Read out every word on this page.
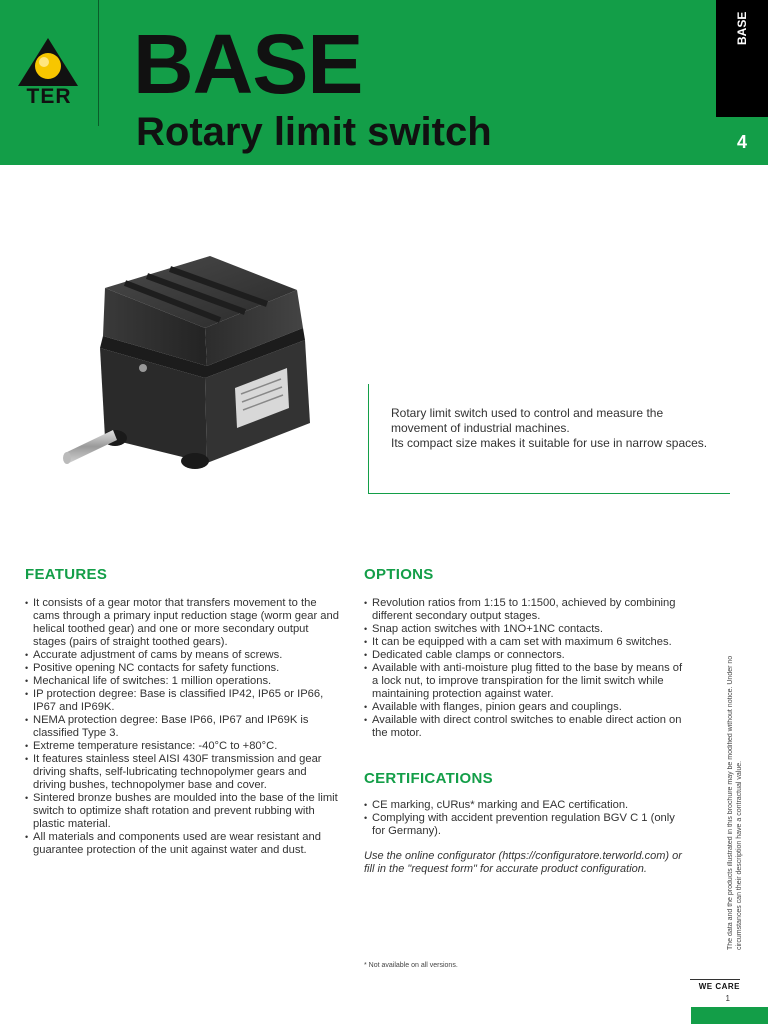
TER BASE
Rotary limit switch
BASE
4
Rotary limit switch used to control and measure the movement of industrial machines.
Its compact size makes it suitable for use in narrow spaces.
FEATURES
• It consists of a gear motor that transfers movement to the cams through a primary input reduction stage (worm gear and helical toothed gear) and one or more secondary output stages (pairs of straight toothed gears).
• Accurate adjustment of cams by means of screws.
• Positive opening NC contacts for safety functions.
• Mechanical life of switches: 1 million operations.
• IP protection degree: Base is classified IP42, IP65 or IP66, IP67 and IP69K.
• NEMA protection degree: Base IP66, IP67 and IP69K is classified Type 3.
• Extreme temperature resistance: -40°C to +80°C.
• It features stainless steel AISI 430F transmission and gear driving shafts, self-lubricating technopolymer gears and driving bushes, technopolymer base and cover.
• Sintered bronze bushes are moulded into the base of the limit switch to optimize shaft rotation and prevent rubbing with plastic material.
• All materials and components used are wear resistant and guarantee protection of the unit against water and dust.
OPTIONS
• Revolution ratios from 1:15 to 1:1500, achieved by combining different secondary output stages.
• Snap action switches with 1NO+1NC contacts.
• It can be equipped with a cam set with maximum 6 switches.
• Dedicated cable clamps or connectors.
• Available with anti-moisture plug fitted to the base by means of a lock nut, to improve transpiration for the limit switch while maintaining protection against water.
• Available with flanges, pinion gears and couplings.
• Available with direct control switches to enable direct action on the motor.
CERTIFICATIONS
• CE marking, cURus* marking and EAC certification.
• Complying with accident prevention regulation BGV C 1 (only for Germany).
Use the online configurator (https://configuratore.terworld.com) or fill in the "request form" for accurate product configuration.
* Not available on all versions.
The data and the products illustrated in this brochure may be modified without notice. Under no circumstances can their description have a contractual value.
WE CARE
1
